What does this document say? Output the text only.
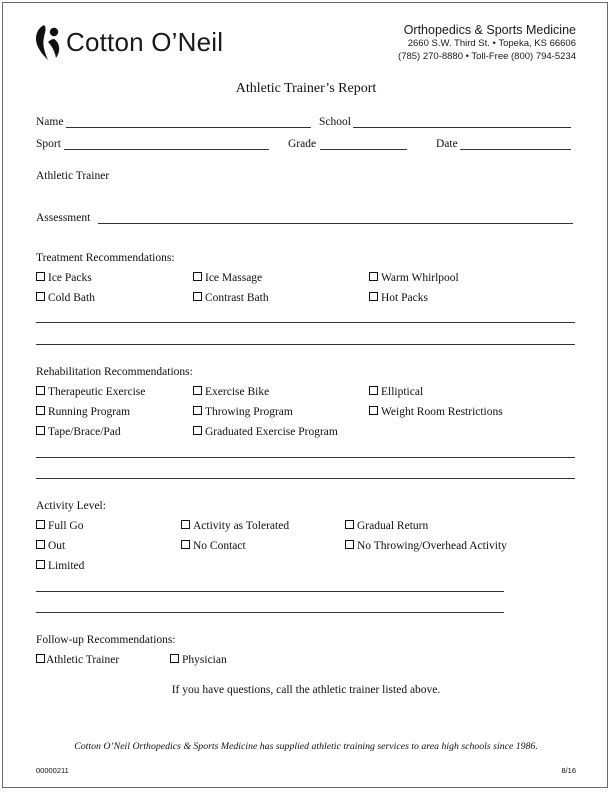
Cotton O’Neil	Orthopedics & Sports Medicine
2660 S.W. Third St. • Topeka, KS 66606
(785) 270-8880 • Toll-Free (800) 794-5234
Athletic Trainer’s Report
Name	School
Sport	Grade	Date
Athletic Trainer
Assessment
Treatment Recommendations:
Ice Packs	Ice Massage	Warm Whirlpool
Cold Bath	Contrast Bath	Hot Packs
Rehabilitation Recommendations:
Therapeutic Exercise	Exercise Bike	Elliptical
Running Program	Throwing Program	Weight Room Restrictions
Tape/Brace/Pad	Graduated Exercise Program
Activity Level:
Full Go	Activity as Tolerated	Gradual Return
Out	No Contact	No Throwing/Overhead Activity
Limited
Follow-up Recommendations:
Athletic Trainer	Physician
If you have questions, call the athletic trainer listed above.
Cotton O’Neil Orthopedics & Sports Medicine has supplied athletic training services to area high schools since 1986.
00000211	8/16
